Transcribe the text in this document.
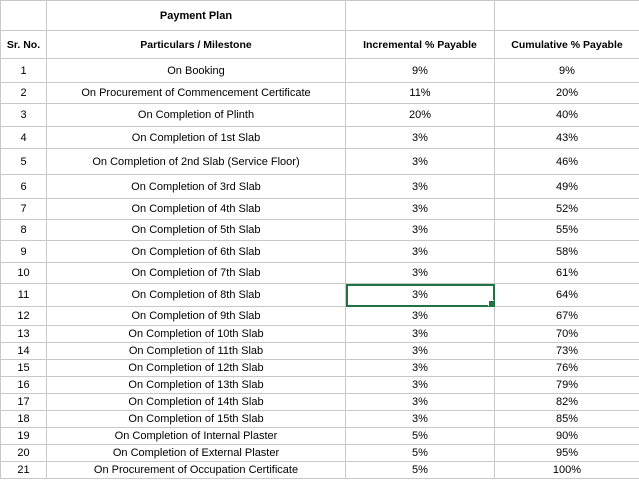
	Payment Plan		
Sr. No.	Particulars / Milestone	Incremental % Payable	Cumulative % Payable
1	On Booking	9%	9%
2	On Procurement of Commencement Certificate	11%	20%
3	On Completion of Plinth	20%	40%
4	On Completion of 1st Slab	3%	43%
5	On Completion of 2nd Slab (Service Floor)	3%	46%
6	On Completion of 3rd Slab	3%	49%
7	On Completion of 4th Slab	3%	52%
8	On Completion of 5th Slab	3%	55%
9	On Completion of 6th Slab	3%	58%
10	On Completion of 7th Slab	3%	61%
11	On Completion of 8th Slab	3%	64%
12	On Completion of 9th Slab	3%	67%
13	On Completion of 10th Slab	3%	70%
14	On Completion of 11th Slab	3%	73%
15	On Completion of 12th Slab	3%	76%
16	On Completion of 13th Slab	3%	79%
17	On Completion of 14th Slab	3%	82%
18	On Completion of 15th Slab	3%	85%
19	On Completion of Internal Plaster	5%	90%
20	On Completion of External Plaster	5%	95%
21	On Procurement of Occupation Certificate	5%	100%
